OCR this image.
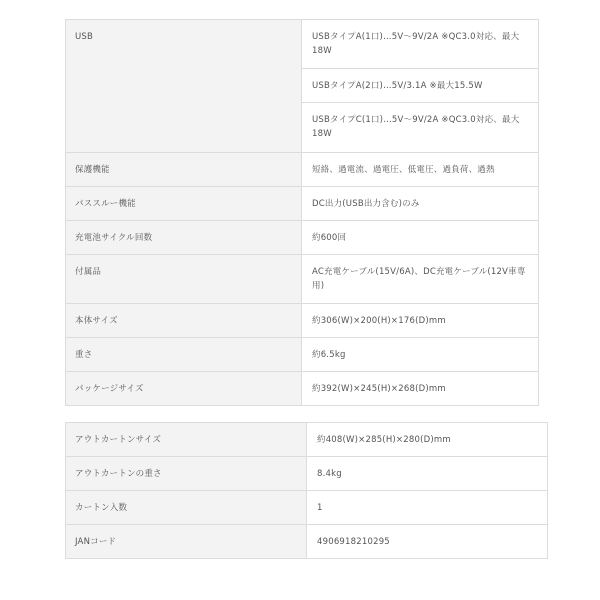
USB	USBタイプA(1口)…5V〜9V/2A ※QC3.0対応、最大18W
	USBタイプA(2口)…5V/3.1A ※最大15.5W
	USBタイプC(1口)…5V〜9V/2A ※QC3.0対応、最大18W
保護機能	短絡、過電流、過電圧、低電圧、過負荷、過熱
パススルー機能	DC出力(USB出力含む)のみ
充電池サイクル回数	約600回
付属品	AC充電ケーブル(15V/6A)、DC充電ケーブル(12V車専用)
本体サイズ	約306(W)×200(H)×176(D)mm
重さ	約6.5kg
パッケージサイズ	約392(W)×245(H)×268(D)mm
アウトカートンサイズ	約408(W)×285(H)×280(D)mm
アウトカートンの重さ	8.4kg
カートン入数	1
JANコード	4906918210295
